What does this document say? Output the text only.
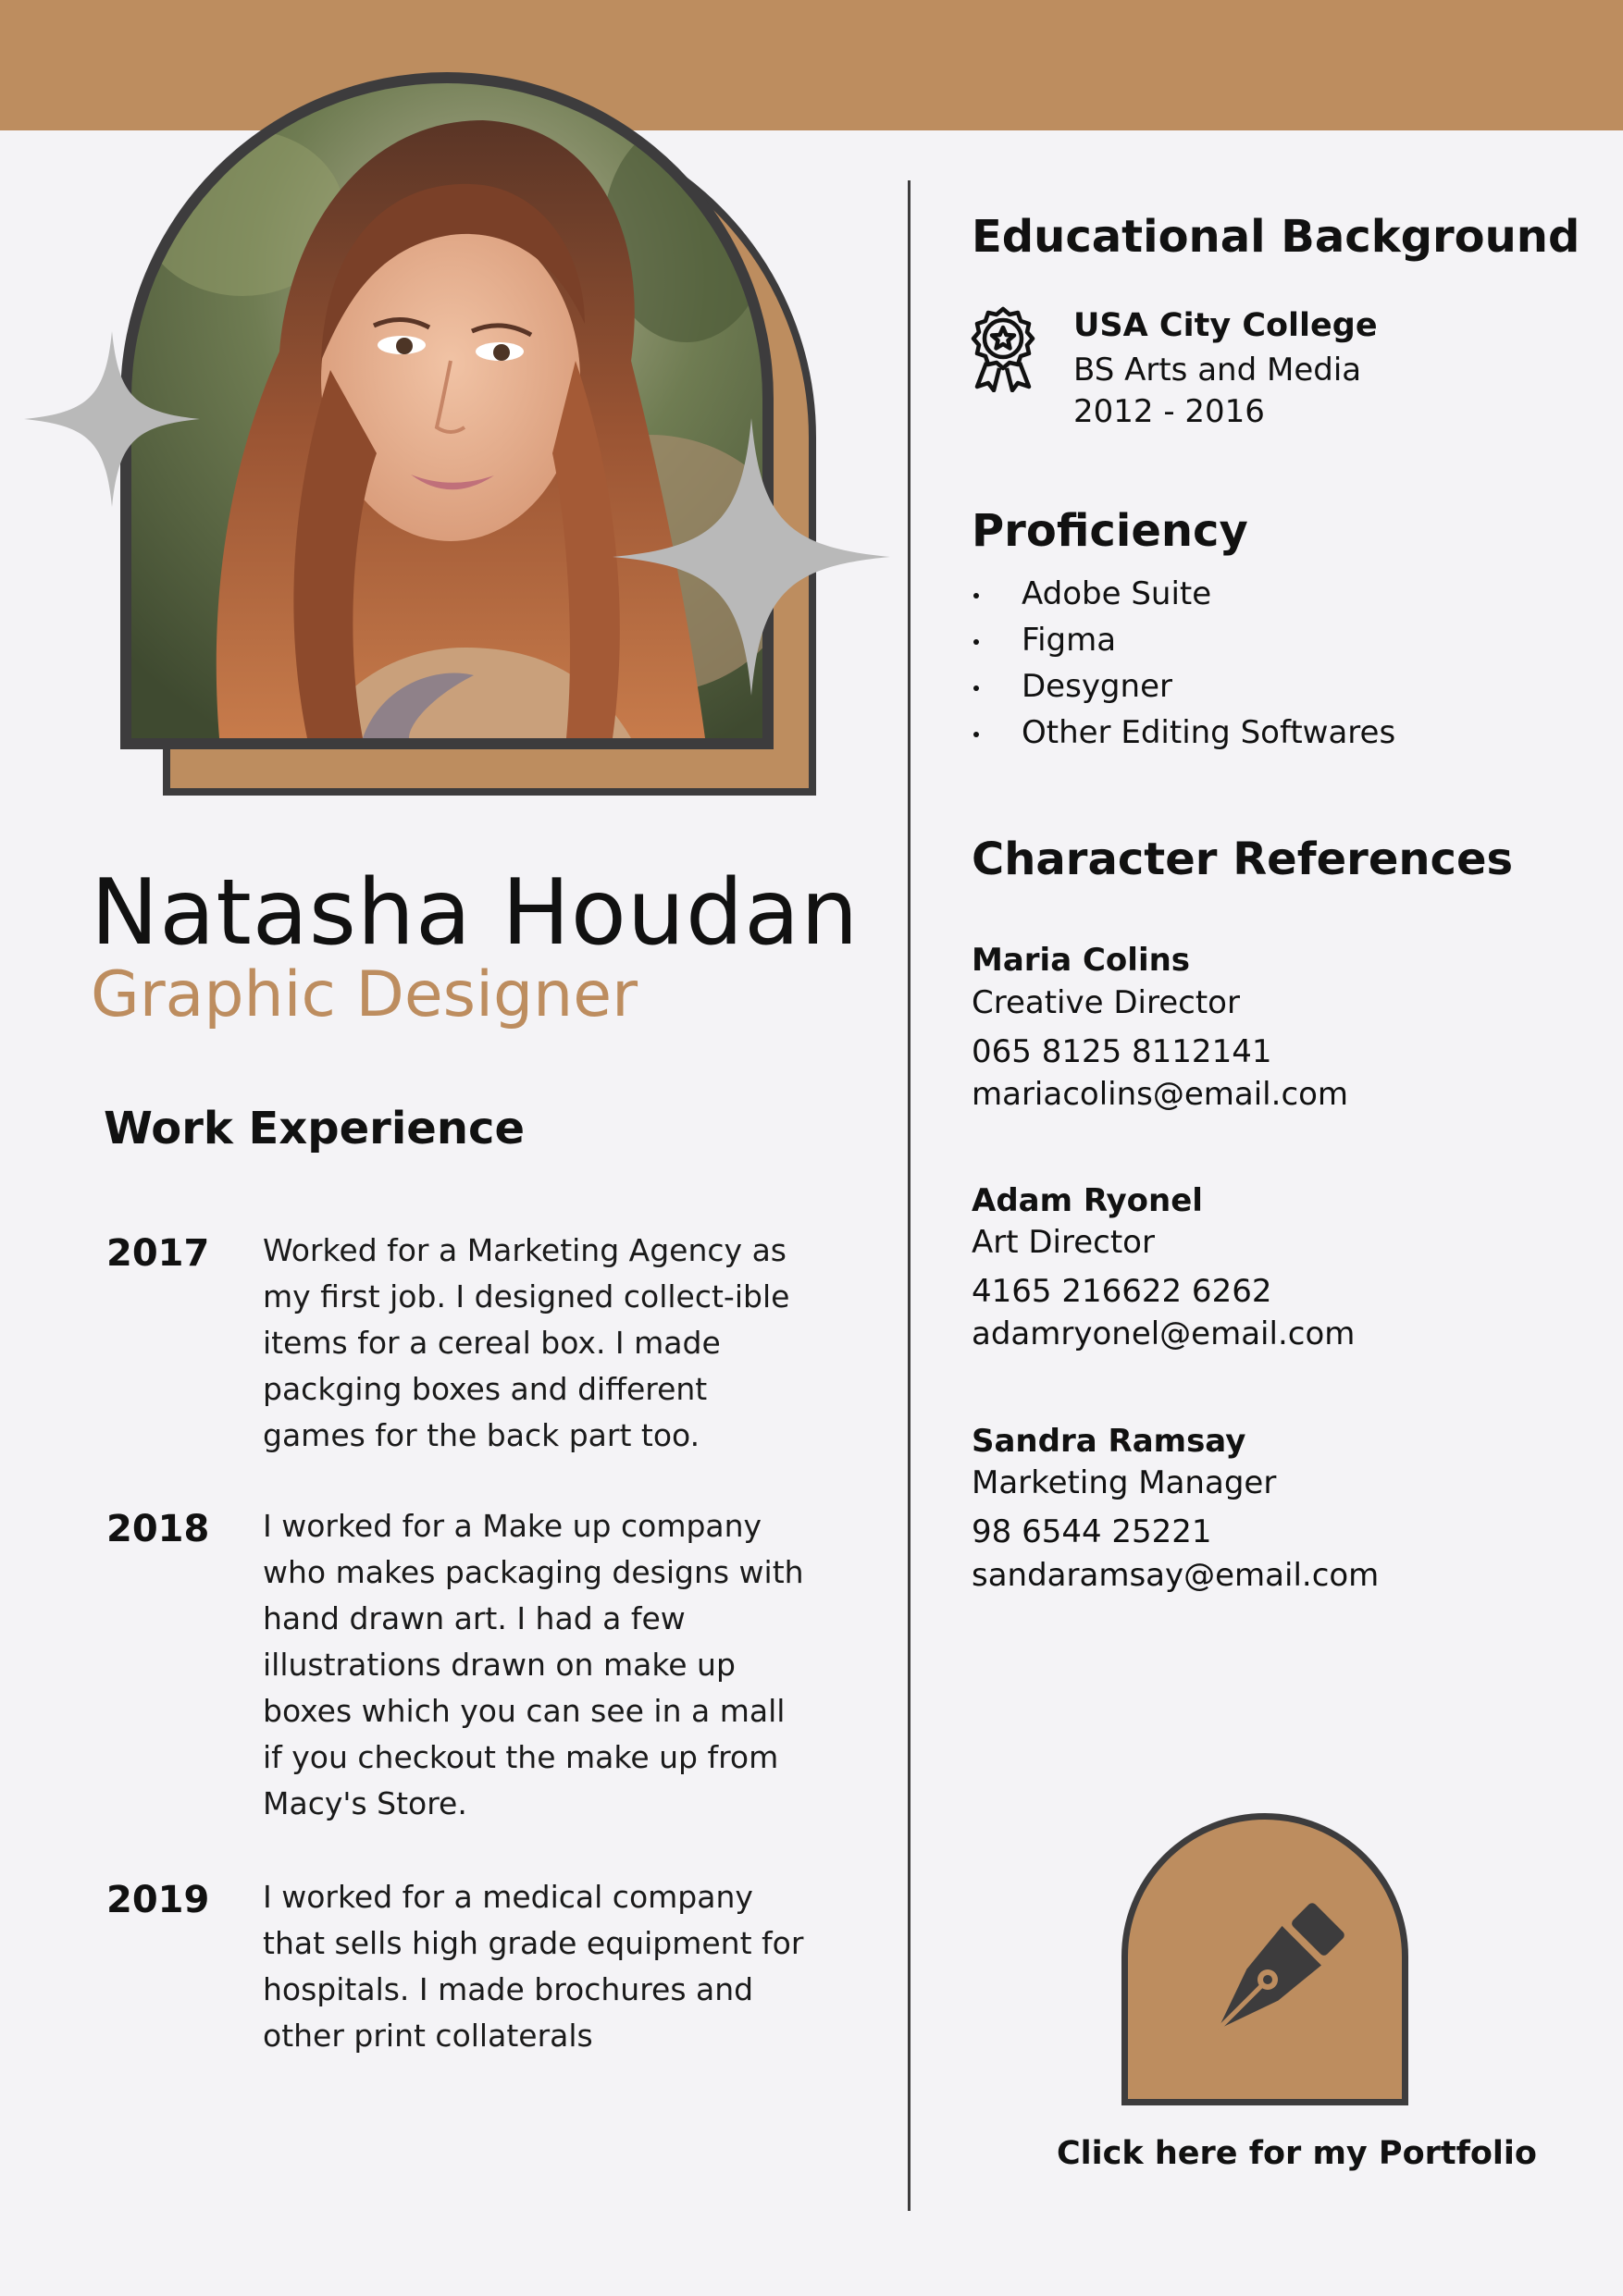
Natasha Houdan
Graphic Designer
Work Experience

2017 Worked for a Marketing Agency as my first job. I designed collect-ible items for a cereal box. I made packging boxes and different games for the back part too.

2018 I worked for a Make up company who makes packaging designs with hand drawn art. I had a few illustrations drawn on make up boxes which you can see in a mall if you checkout the make up from Macy's Store.

2019 I worked for a medical company that sells high grade equipment for hospitals. I made brochures and other print collaterals

Educational Background

USA City College

BS Arts and Media

2012 - 2016

Proficiency
Adobe Suite
Figma
Desygner
Other Editing Softwares
Character References

Maria Colins

Creative Director

065 8125 8112141

mariacolins@email.com

Adam Ryonel

Art Director

4165 216622 6262

adamryonel@email.com

Sandra Ramsay

Marketing Manager

98 6544 25221

sandaramsay@email.com

Click here for my Portfolio
